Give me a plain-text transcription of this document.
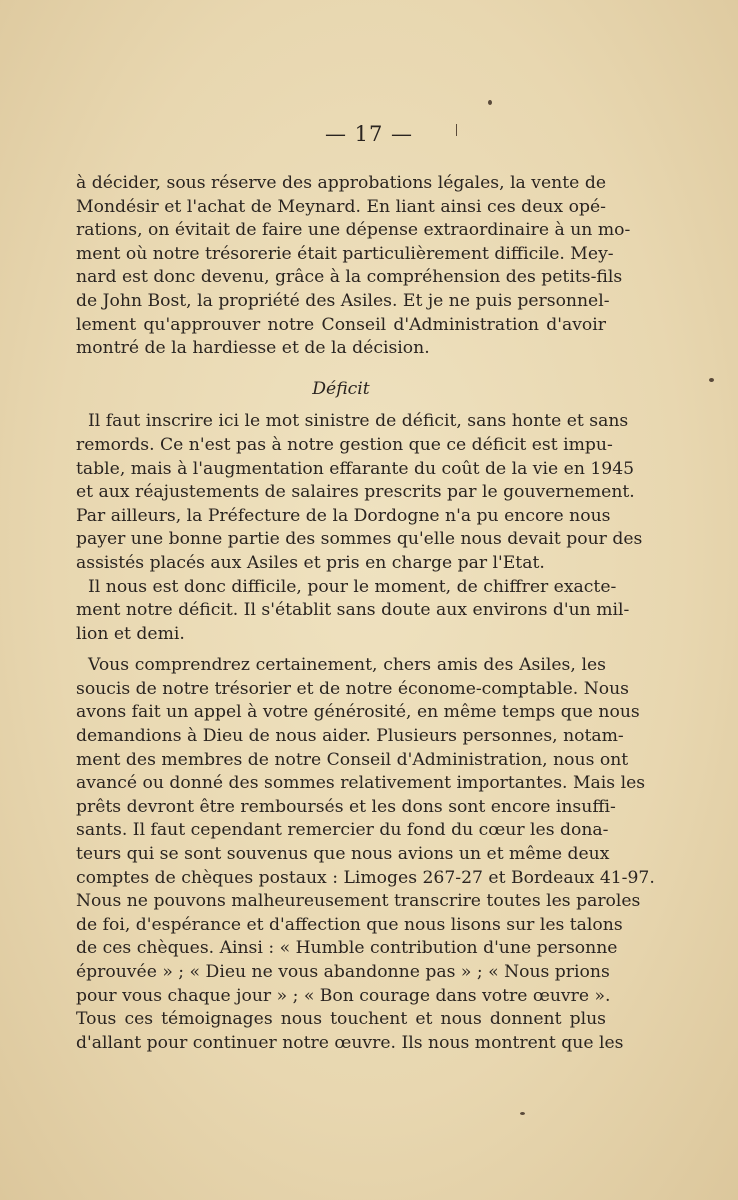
— 17 —
à décider, sous réserve des approbations légales, la vente de
Mondésir et l'achat de Meynard. En liant ainsi ces deux opé-
rations, on évitait de faire une dépense extraordinaire à un mo-
ment où notre trésorerie était particulièrement difficile. Mey-
nard est donc devenu, grâce à la compréhension des petits-fils
de John Bost, la propriété des Asiles. Et je ne puis personnel-
lement qu'approuver notre Conseil d'Administration d'avoir
montré de la hardiesse et de la décision.
Déficit
Il faut inscrire ici le mot sinistre de déficit, sans honte et sans
remords. Ce n'est pas à notre gestion que ce déficit est impu-
table, mais à l'augmentation effarante du coût de la vie en 1945
et aux réajustements de salaires prescrits par le gouvernement.
Par ailleurs, la Préfecture de la Dordogne n'a pu encore nous
payer une bonne partie des sommes qu'elle nous devait pour des
assistés placés aux Asiles et pris en charge par l'Etat.
Il nous est donc difficile, pour le moment, de chiffrer exacte-
ment notre déficit. Il s'établit sans doute aux environs d'un mil-
lion et demi.
Vous comprendrez certainement, chers amis des Asiles, les
soucis de notre trésorier et de notre économe-comptable. Nous
avons fait un appel à votre générosité, en même temps que nous
demandions à Dieu de nous aider. Plusieurs personnes, notam-
ment des membres de notre Conseil d'Administration, nous ont
avancé ou donné des sommes relativement importantes. Mais les
prêts devront être remboursés et les dons sont encore insuffi-
sants. Il faut cependant remercier du fond du cœur les dona-
teurs qui se sont souvenus que nous avions un et même deux
comptes de chèques postaux : Limoges 267-27 et Bordeaux 41-97.
Nous ne pouvons malheureusement transcrire toutes les paroles
de foi, d'espérance et d'affection que nous lisons sur les talons
de ces chèques. Ainsi : « Humble contribution d'une personne
éprouvée » ; « Dieu ne vous abandonne pas » ; « Nous prions
pour vous chaque jour » ; « Bon courage dans votre œuvre ».
Tous ces témoignages nous touchent et nous donnent plus
d'allant pour continuer notre œuvre. Ils nous montrent que les
